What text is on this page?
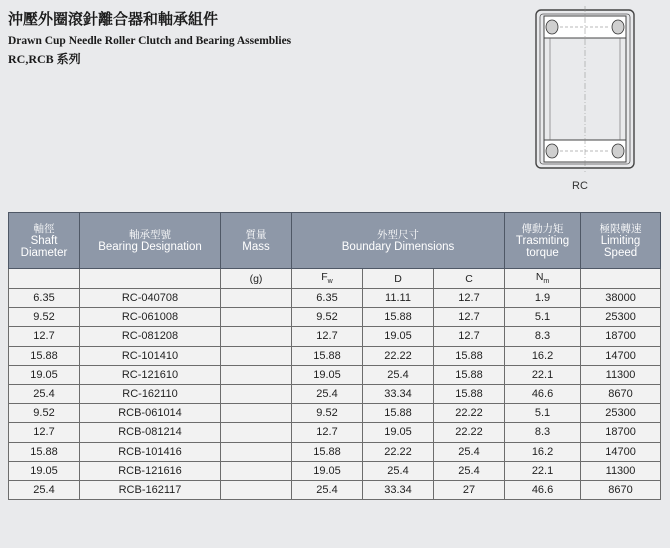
沖壓外圈滾針離合器和軸承組件
Drawn Cup Needle Roller Clutch and Bearing Assemblies
RC,RCB 系列
RC
軸徑
Shaft
Diameter	軸承型號
Bearing Designation	質量
Mass	外型尺寸
Boundary Dimensions			傳動力矩
Trasmiting
torque	極限轉速
Limiting
Speed

		(g)	$F_w$	D	C	$N_m$	
6.35	RC-040708		6.35	11.11	12.7	1.9	38000
9.52	RC-061008		9.52	15.88	12.7	5.1	25300
12.7	RC-081208		12.7	19.05	12.7	8.3	18700
15.88	RC-101410		15.88	22.22	15.88	16.2	14700
19.05	RC-121610		19.05	25.4	15.88	22.1	11300
25.4	RC-162110		25.4	33.34	15.88	46.6	8670
9.52	RCB-061014		9.52	15.88	22.22	5.1	25300
12.7	RCB-081214		12.7	19.05	22.22	8.3	18700
15.88	RCB-101416		15.88	22.22	25.4	16.2	14700
19.05	RCB-121616		19.05	25.4	25.4	22.1	11300
25.4	RCB-162117		25.4	33.34	27	46.6	8670
